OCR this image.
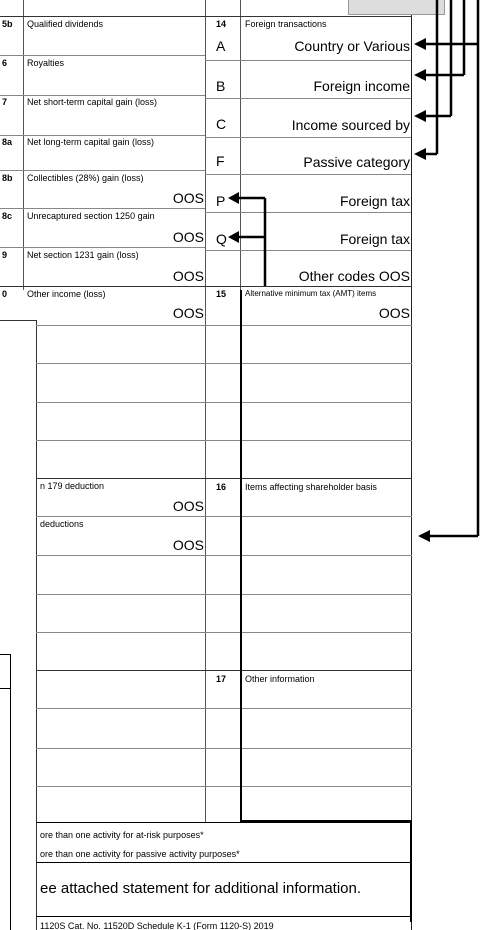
5b Qualified dividends
6 Royalties
7 Net short-term capital gain (loss)
8a Net long-term capital gain (loss)
8b Collectibles (28%) gain (loss)
OOS
8c Unrecaptured section 1250 gain
OOS
9 Net section 1231 gain (loss)
OOS
0 Other income (loss)
OOS
n 179 deduction
OOS
deductions
OOS
14 Foreign transactions
A	Country or Various
B	Foreign income
C	Income sourced by
F	Passive category
P	Foreign tax
Q	Foreign tax
Other codes OOS
15 Alternative minimum tax (AMT) items
OOS
16 Items affecting shareholder basis
17 Other information
ore than one activity for at-risk purposes*
ore than one activity for passive activity purposes*
ee attached statement for additional information.
1120S Cat. No. 11520D Schedule K-1 (Form 1120-S) 2019
